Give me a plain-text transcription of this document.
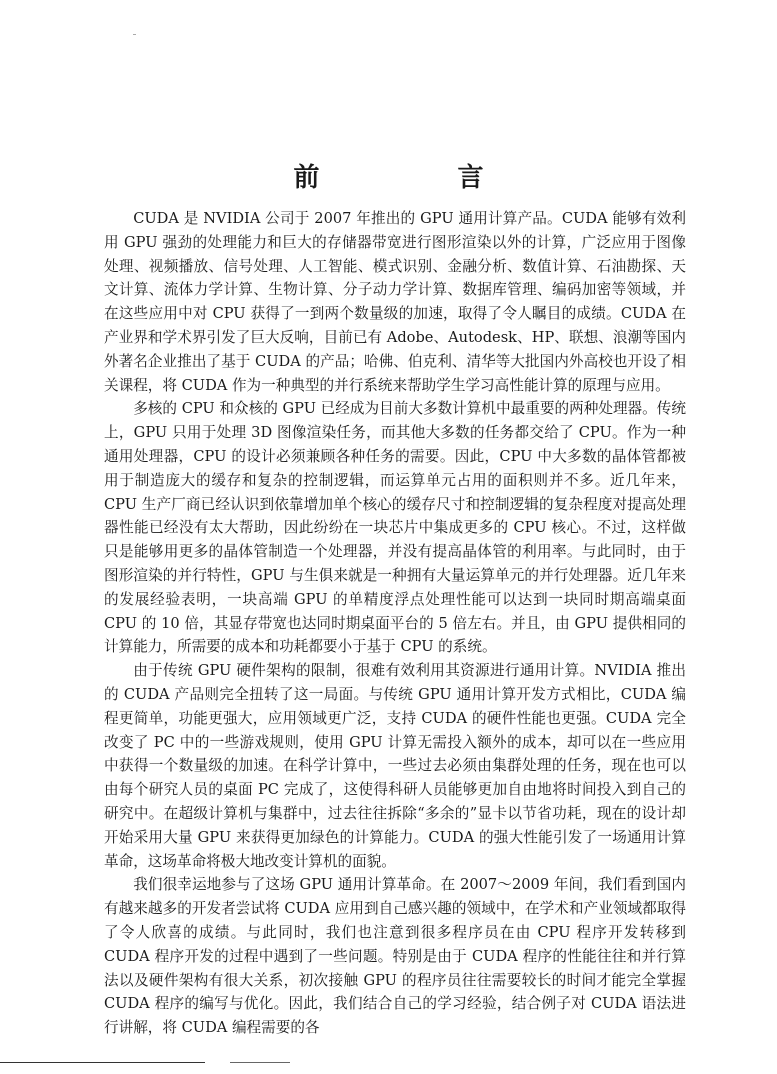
前　言

CUDA 是 NVIDIA 公司于 2007 年推出的 GPU 通用计算产品。CUDA 能够有效利用 GPU 强劲的处理能力和巨大的存储器带宽进行图形渲染以外的计算，广泛应用于图像处理、视频播放、信号处理、人工智能、模式识别、金融分析、数值计算、石油勘探、天文计算、流体力学计算、生物计算、分子动力学计算、数据库管理、编码加密等领域，并在这些应用中对 CPU 获得了一到两个数量级的加速，取得了令人瞩目的成绩。CUDA 在产业界和学术界引发了巨大反响，目前已有 Adobe、Autodesk、HP、联想、浪潮等国内外著名企业推出了基于 CUDA 的产品；哈佛、伯克利、清华等大批国内外高校也开设了相关课程，将 CUDA 作为一种典型的并行系统来帮助学生学习高性能计算的原理与应用。

多核的 CPU 和众核的 GPU 已经成为目前大多数计算机中最重要的两种处理器。传统上，GPU 只用于处理 3D 图像渲染任务，而其他大多数的任务都交给了 CPU。作为一种通用处理器，CPU 的设计必须兼顾各种任务的需要。因此，CPU 中大多数的晶体管都被用于制造庞大的缓存和复杂的控制逻辑，而运算单元占用的面积则并不多。近几年来，CPU 生产厂商已经认识到依靠增加单个核心的缓存尺寸和控制逻辑的复杂程度对提高处理器性能已经没有太大帮助，因此纷纷在一块芯片中集成更多的 CPU 核心。不过，这样做只是能够用更多的晶体管制造一个处理器，并没有提高晶体管的利用率。与此同时，由于图形渲染的并行特性，GPU 与生俱来就是一种拥有大量运算单元的并行处理器。近几年来的发展经验表明，一块高端 GPU 的单精度浮点处理性能可以达到一块同时期高端桌面 CPU 的 10 倍，其显存带宽也达同时期桌面平台的 5 倍左右。并且，由 GPU 提供相同的计算能力，所需要的成本和功耗都要小于基于 CPU 的系统。

由于传统 GPU 硬件架构的限制，很难有效利用其资源进行通用计算。NVIDIA 推出的 CUDA 产品则完全扭转了这一局面。与传统 GPU 通用计算开发方式相比，CUDA 编程更简单，功能更强大，应用领域更广泛，支持 CUDA 的硬件性能也更强。CUDA 完全改变了 PC 中的一些游戏规则，使用 GPU 计算无需投入额外的成本，却可以在一些应用中获得一个数量级的加速。在科学计算中，一些过去必须由集群处理的任务，现在也可以由每个研究人员的桌面 PC 完成了，这使得科研人员能够更加自由地将时间投入到自己的研究中。在超级计算机与集群中，过去往往拆除“多余的”显卡以节省功耗，现在的设计却开始采用大量 GPU 来获得更加绿色的计算能力。CUDA 的强大性能引发了一场通用计算革命，这场革命将极大地改变计算机的面貌。

我们很幸运地参与了这场 GPU 通用计算革命。在 2007～2009 年间，我们看到国内有越来越多的开发者尝试将 CUDA 应用到自己感兴趣的领域中，在学术和产业领域都取得了令人欣喜的成绩。与此同时，我们也注意到很多程序员在由 CPU 程序开发转移到 CUDA 程序开发的过程中遇到了一些问题。特别是由于 CUDA 程序的性能往往和并行算法以及硬件架构有很大关系，初次接触 GPU 的程序员往往需要较长的时间才能完全掌握 CUDA 程序的编写与优化。因此，我们结合自己的学习经验，结合例子对 CUDA 语法进行讲解，将 CUDA 编程需要的各
